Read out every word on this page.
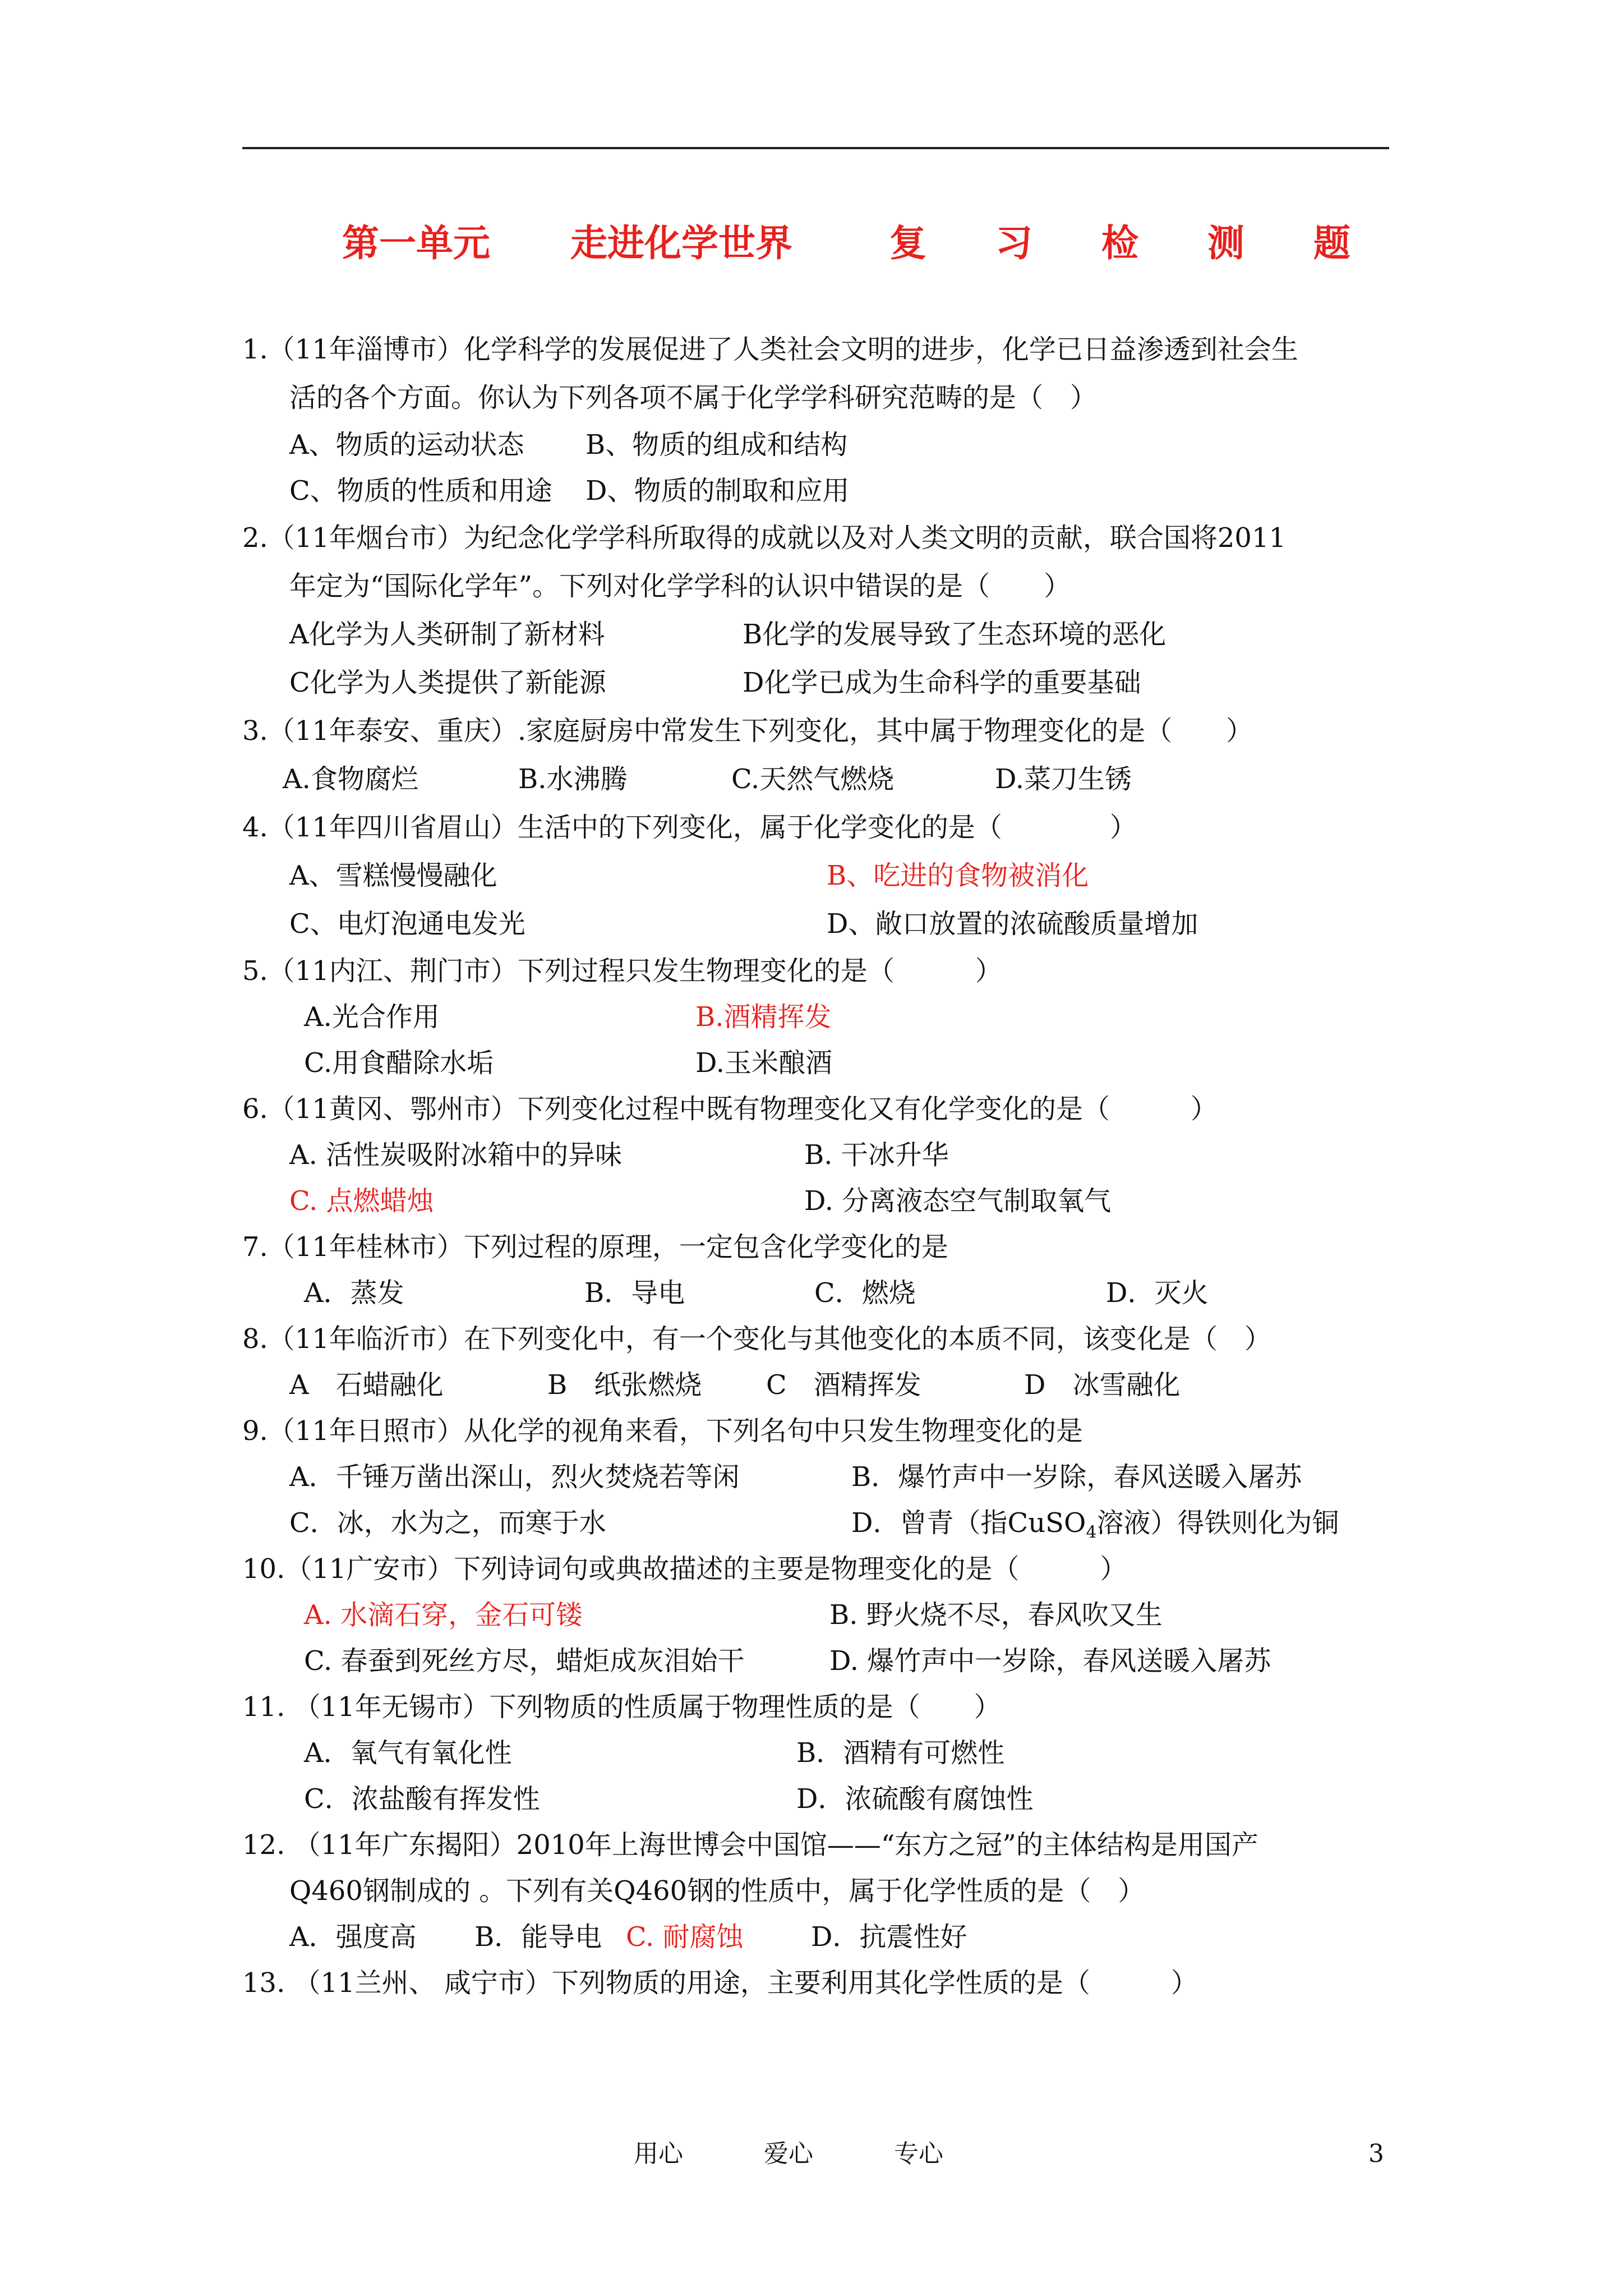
第一单元 走进化学世界	复 习 检 测 题
1.（11年淄博市）化学科学的发展促进了人类社会文明的进步，化学已日益渗透到社会生
活的各个方面。你认为下列各项不属于化学学科研究范畴的是（　）
A、物质的运动状态 B、物质的组成和结构
C、物质的性质和用途 D、物质的制取和应用
2.（11年烟台市）为纪念化学学科所取得的成就以及对人类文明的贡献，联合国将2011
年定为“国际化学年”。下列对化学学科的认识中错误的是（　　）
A化学为人类研制了新材料	B化学的发展导致了生态环境的恶化
C化学为人类提供了新能源	D化学已成为生命科学的重要基础
3.（11年泰安、重庆）.家庭厨房中常发生下列变化，其中属于物理变化的是（　　）
A.食物腐烂	B.水沸腾	C.天然气燃烧	D.菜刀生锈
4.（11年四川省眉山）生活中的下列变化，属于化学变化的是（　　　　）
A、雪糕慢慢融化	B、吃进的食物被消化
C、电灯泡通电发光	D、敞口放置的浓硫酸质量增加
5.（11内江、荆门市）下列过程只发生物理变化的是（　　　）
A.光合作用	B.酒精挥发
C.用食醋除水垢	D.玉米酿酒
6.（11黄冈、鄂州市）下列变化过程中既有物理变化又有化学变化的是（　　　）
A. 活性炭吸附冰箱中的异味	B. 干冰升华
C. 点燃蜡烛	D. 分离液态空气制取氧气
7.（11年桂林市）下列过程的原理，一定包含化学变化的是
A．蒸发	B．导电	C．燃烧	D．灭火
8.（11年临沂市）在下列变化中，有一个变化与其他变化的本质不同，该变化是（　）
A　石蜡融化	B　纸张燃烧 C　酒精挥发	D　冰雪融化
9.（11年日照市）从化学的视角来看，下列名句中只发生物理变化的是
A．千锤万凿出深山，烈火焚烧若等闲	B．爆竹声中一岁除，春风送暖入屠苏
C．冰，水为之，而寒于水	D．曾青（指CuSO$_4$溶液）得铁则化为铜
10.（11广安市）下列诗词句或典故描述的主要是物理变化的是（　　　）
A. 水滴石穿，金石可镂	B. 野火烧不尽，春风吹又生
C. 春蚕到死丝方尽，蜡炬成灰泪始干	D. 爆竹声中一岁除，春风送暖入屠苏
11. （11年无锡市）下列物质的性质属于物理性质的是（　　）
A．氧气有氧化性	B．酒精有可燃性
C．浓盐酸有挥发性	D．浓硫酸有腐蚀性
12. （11年广东揭阳）2010年上海世博会中国馆——“东方之冠”的主体结构是用国产
Q460钢制成的 。下列有关Q460钢的性质中，属于化学性质的是（　）
A．强度高 B．能导电 C. 耐腐蚀	D．抗震性好
13. （11兰州、 咸宁市）下列物质的用途，主要利用其化学性质的是（　　　）
用心	爱心	专心	3
